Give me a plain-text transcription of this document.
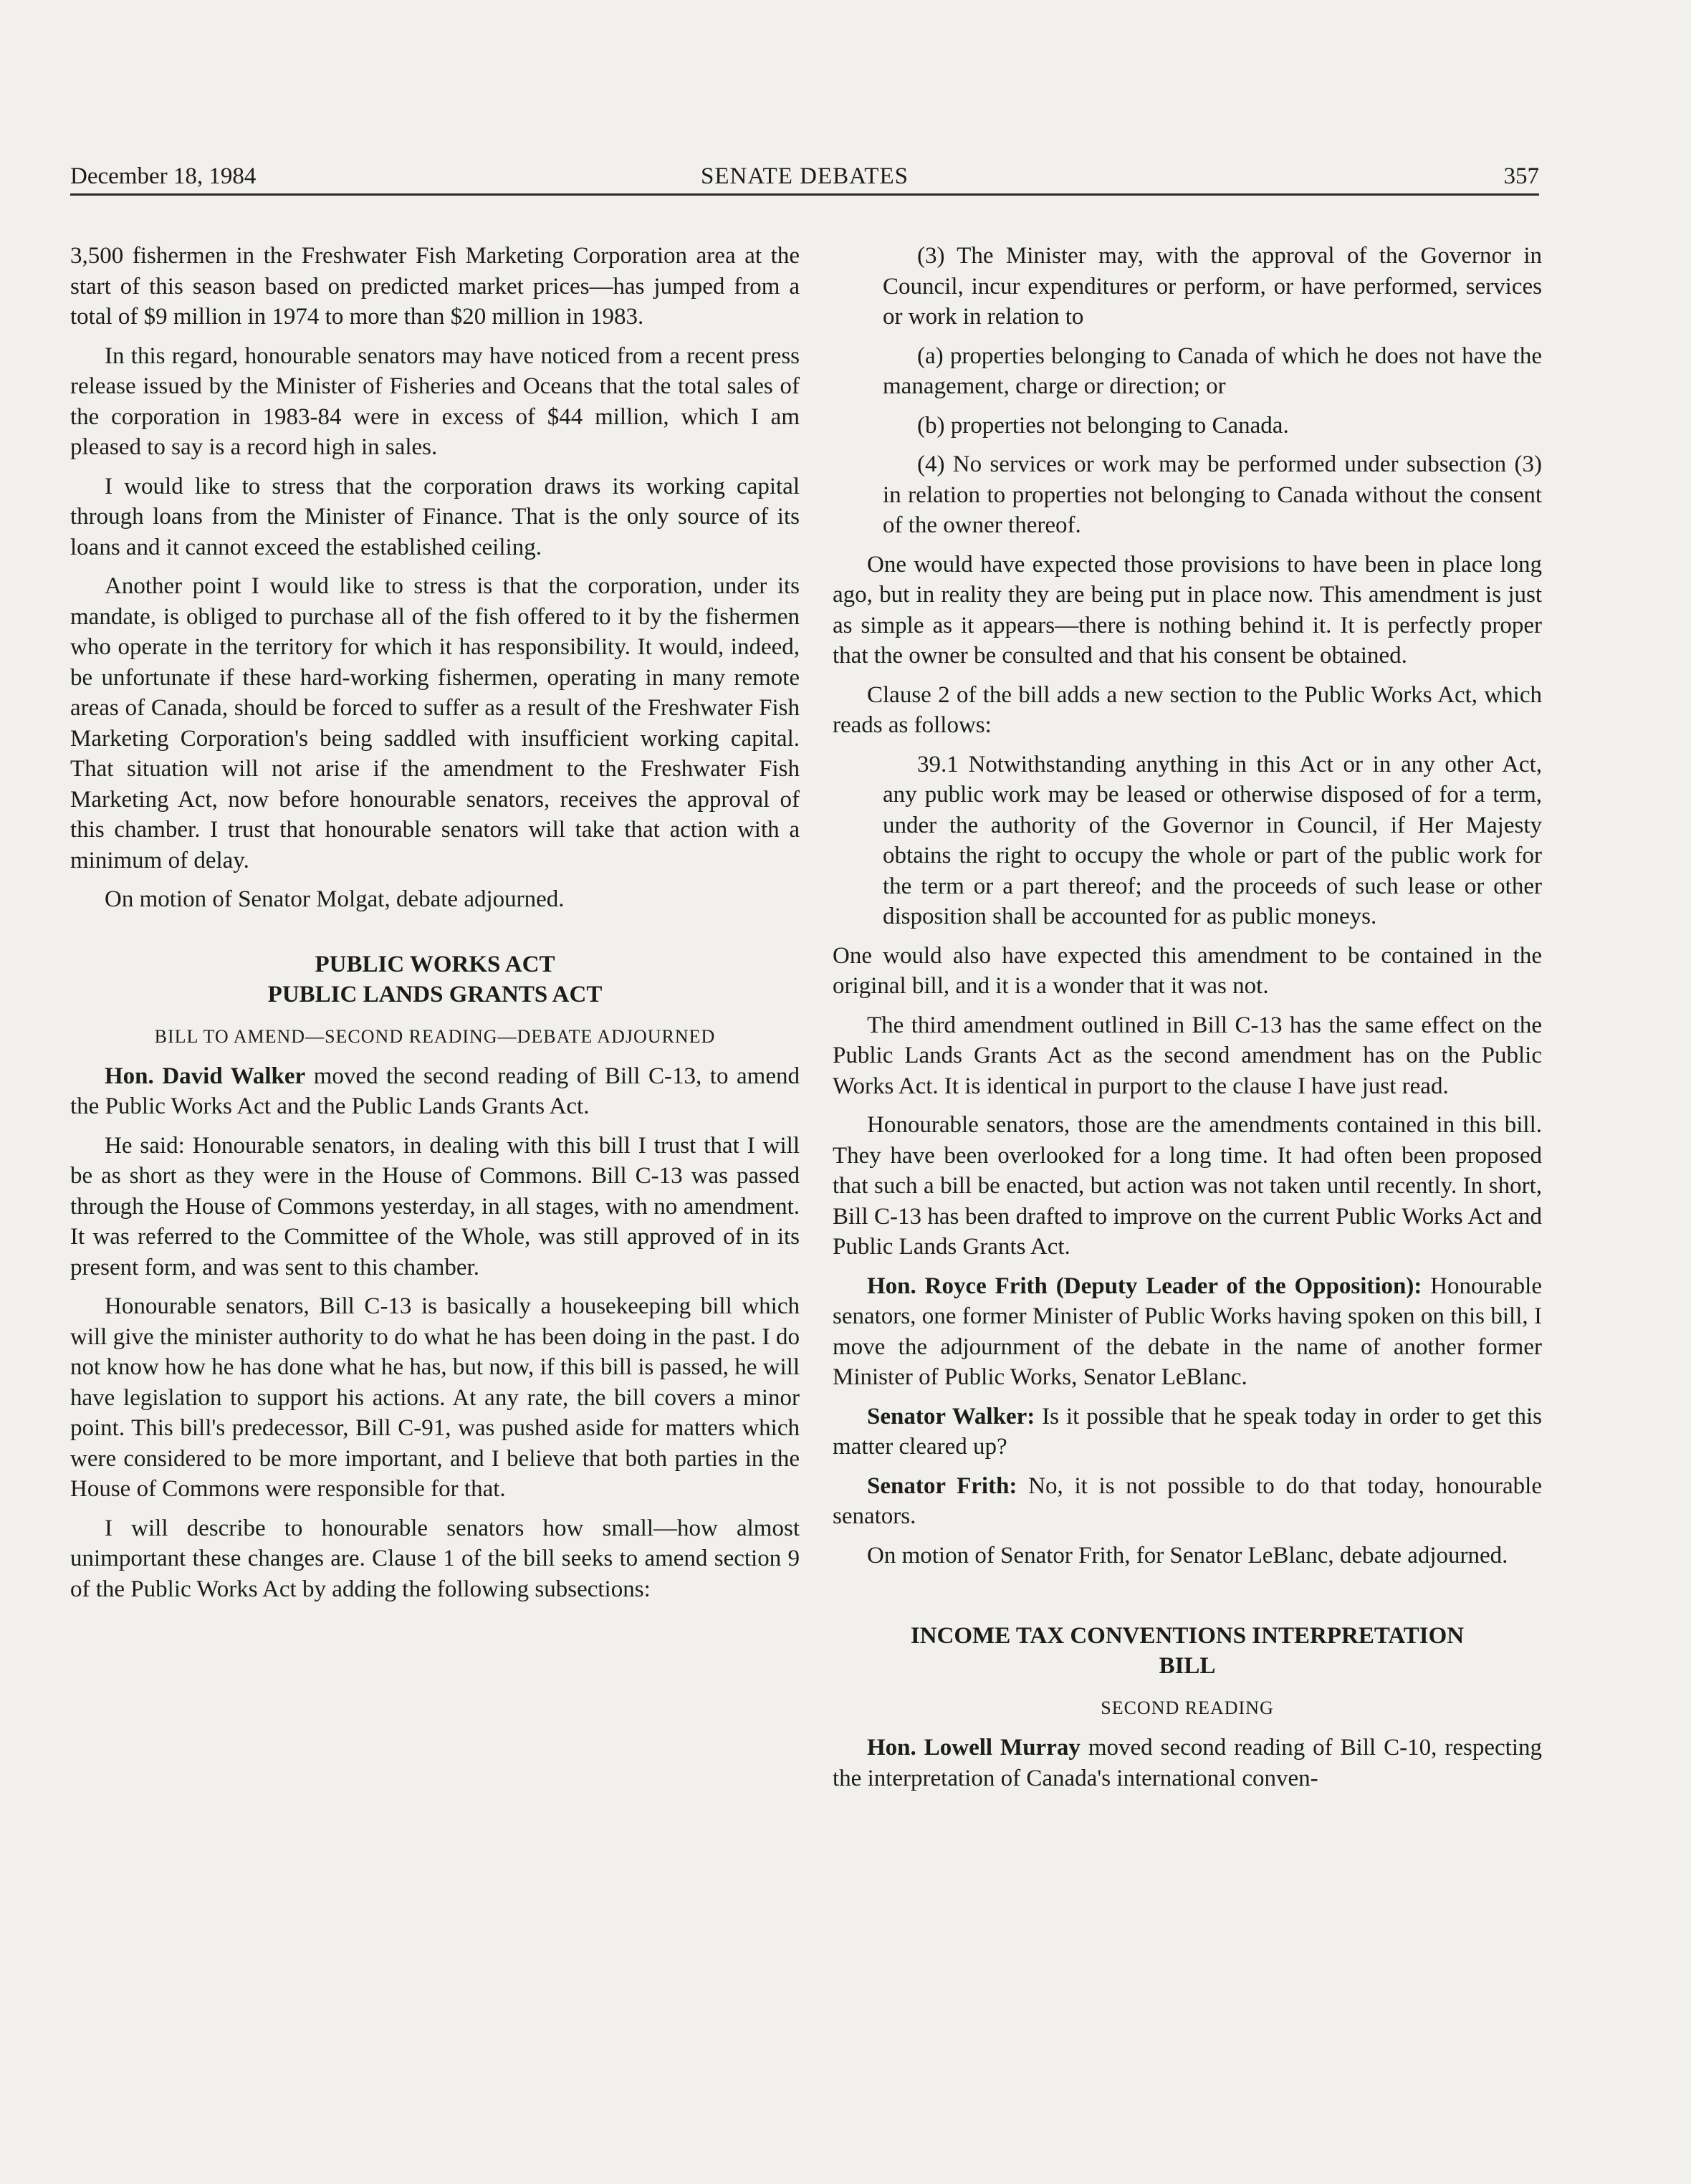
December 18, 1984	SENATE DEBATES	357

3,500 fishermen in the Freshwater Fish Marketing Corporation area at the start of this season based on predicted market prices—has jumped from a total of $9 million in 1974 to more than $20 million in 1983.

In this regard, honourable senators may have noticed from a recent press release issued by the Minister of Fisheries and Oceans that the total sales of the corporation in 1983-84 were in excess of $44 million, which I am pleased to say is a record high in sales.

I would like to stress that the corporation draws its working capital through loans from the Minister of Finance. That is the only source of its loans and it cannot exceed the established ceiling.

Another point I would like to stress is that the corporation, under its mandate, is obliged to purchase all of the fish offered to it by the fishermen who operate in the territory for which it has responsibility. It would, indeed, be unfortunate if these hard-working fishermen, operating in many remote areas of Canada, should be forced to suffer as a result of the Freshwater Fish Marketing Corporation's being saddled with insufficient working capital. That situation will not arise if the amendment to the Freshwater Fish Marketing Act, now before honourable senators, receives the approval of this chamber. I trust that honourable senators will take that action with a minimum of delay.

On motion of Senator Molgat, debate adjourned.

PUBLIC WORKS ACT
PUBLIC LANDS GRANTS ACT
BILL TO AMEND—SECOND READING—DEBATE ADJOURNED

Hon. David Walker moved the second reading of Bill C-13, to amend the Public Works Act and the Public Lands Grants Act.

He said: Honourable senators, in dealing with this bill I trust that I will be as short as they were in the House of Commons. Bill C-13 was passed through the House of Commons yesterday, in all stages, with no amendment. It was referred to the Committee of the Whole, was still approved of in its present form, and was sent to this chamber.

Honourable senators, Bill C-13 is basically a housekeeping bill which will give the minister authority to do what he has been doing in the past. I do not know how he has done what he has, but now, if this bill is passed, he will have legislation to support his actions. At any rate, the bill covers a minor point. This bill's predecessor, Bill C-91, was pushed aside for matters which were considered to be more important, and I believe that both parties in the House of Commons were responsible for that.

I will describe to honourable senators how small—how almost unimportant these changes are. Clause 1 of the bill seeks to amend section 9 of the Public Works Act by adding the following subsections:

(3) The Minister may, with the approval of the Governor in Council, incur expenditures or perform, or have performed, services or work in relation to

(a) properties belonging to Canada of which he does not have the management, charge or direction; or

(b) properties not belonging to Canada.

(4) No services or work may be performed under subsection (3) in relation to properties not belonging to Canada without the consent of the owner thereof.

One would have expected those provisions to have been in place long ago, but in reality they are being put in place now. This amendment is just as simple as it appears—there is nothing behind it. It is perfectly proper that the owner be consulted and that his consent be obtained.

Clause 2 of the bill adds a new section to the Public Works Act, which reads as follows:

39.1 Notwithstanding anything in this Act or in any other Act, any public work may be leased or otherwise disposed of for a term, under the authority of the Governor in Council, if Her Majesty obtains the right to occupy the whole or part of the public work for the term or a part thereof; and the proceeds of such lease or other disposition shall be accounted for as public moneys.

One would also have expected this amendment to be contained in the original bill, and it is a wonder that it was not.

The third amendment outlined in Bill C-13 has the same effect on the Public Lands Grants Act as the second amendment has on the Public Works Act. It is identical in purport to the clause I have just read.

Honourable senators, those are the amendments contained in this bill. They have been overlooked for a long time. It had often been proposed that such a bill be enacted, but action was not taken until recently. In short, Bill C-13 has been drafted to improve on the current Public Works Act and Public Lands Grants Act.

Hon. Royce Frith (Deputy Leader of the Opposition): Honourable senators, one former Minister of Public Works having spoken on this bill, I move the adjournment of the debate in the name of another former Minister of Public Works, Senator LeBlanc.

Senator Walker: Is it possible that he speak today in order to get this matter cleared up?

Senator Frith: No, it is not possible to do that today, honourable senators.

On motion of Senator Frith, for Senator LeBlanc, debate adjourned.

INCOME TAX CONVENTIONS INTERPRETATION
BILL
SECOND READING

Hon. Lowell Murray moved second reading of Bill C-10, respecting the interpretation of Canada's international conven-
